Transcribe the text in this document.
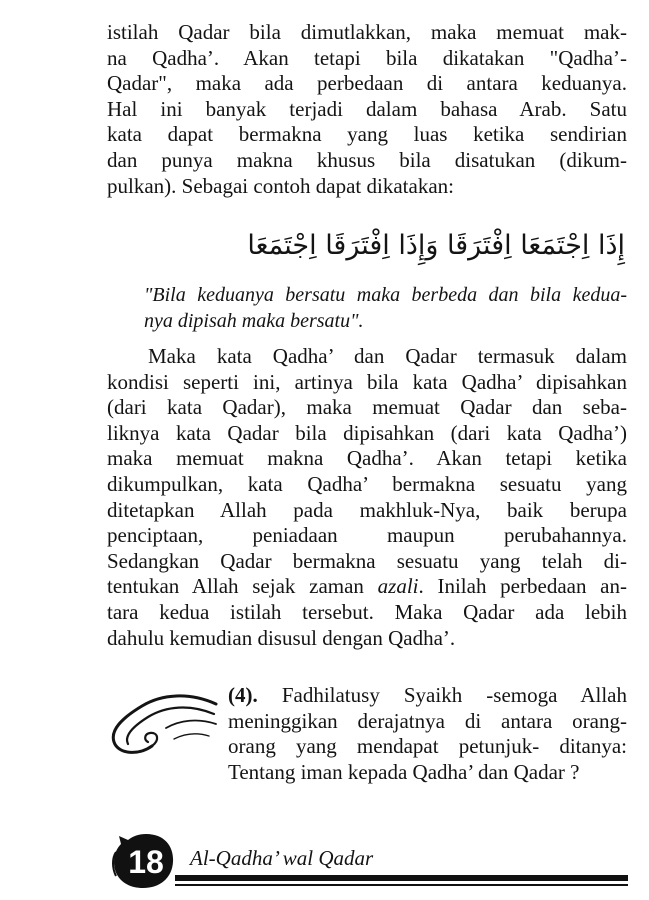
istilah Qadar bila dimutlakkan, maka memuat mak-
na Qadha’. Akan tetapi bila dikatakan "Qadha’-
Qadar", maka ada perbedaan di antara keduanya.
Hal ini banyak terjadi dalam bahasa Arab. Satu
kata dapat bermakna yang luas ketika sendirian
dan punya makna khusus bila disatukan (dikum-
pulkan). Sebagai contoh dapat dikatakan:
إِذَا اِجْتَمَعَا اِفْتَرَقَا وَإِذَا اِفْتَرَقَا اِجْتَمَعَا
"Bila keduanya bersatu maka berbeda dan bila kedua-
nya dipisah maka bersatu".
Maka kata Qadha’ dan Qadar termasuk dalam
kondisi seperti ini, artinya bila kata Qadha’ dipisahkan
(dari kata Qadar), maka memuat Qadar dan seba-
liknya kata Qadar bila dipisahkan (dari kata Qadha’)
maka memuat makna Qadha’. Akan tetapi ketika
dikumpulkan, kata Qadha’ bermakna sesuatu yang
ditetapkan Allah pada makhluk-Nya, baik berupa
penciptaan, peniadaan maupun perubahannya.
Sedangkan Qadar bermakna sesuatu yang telah di-
tentukan Allah sejak zaman azali. Inilah perbedaan an-
tara kedua istilah tersebut. Maka Qadar ada lebih
dahulu kemudian disusul dengan Qadha’.
(4). Fadhilatusy Syaikh -semoga Allah
meninggikan derajatnya di antara orang-
orang yang mendapat petunjuk- ditanya:
Tentang iman kepada Qadha’ dan Qadar ?
18	Al-Qadha’ wal Qadar
